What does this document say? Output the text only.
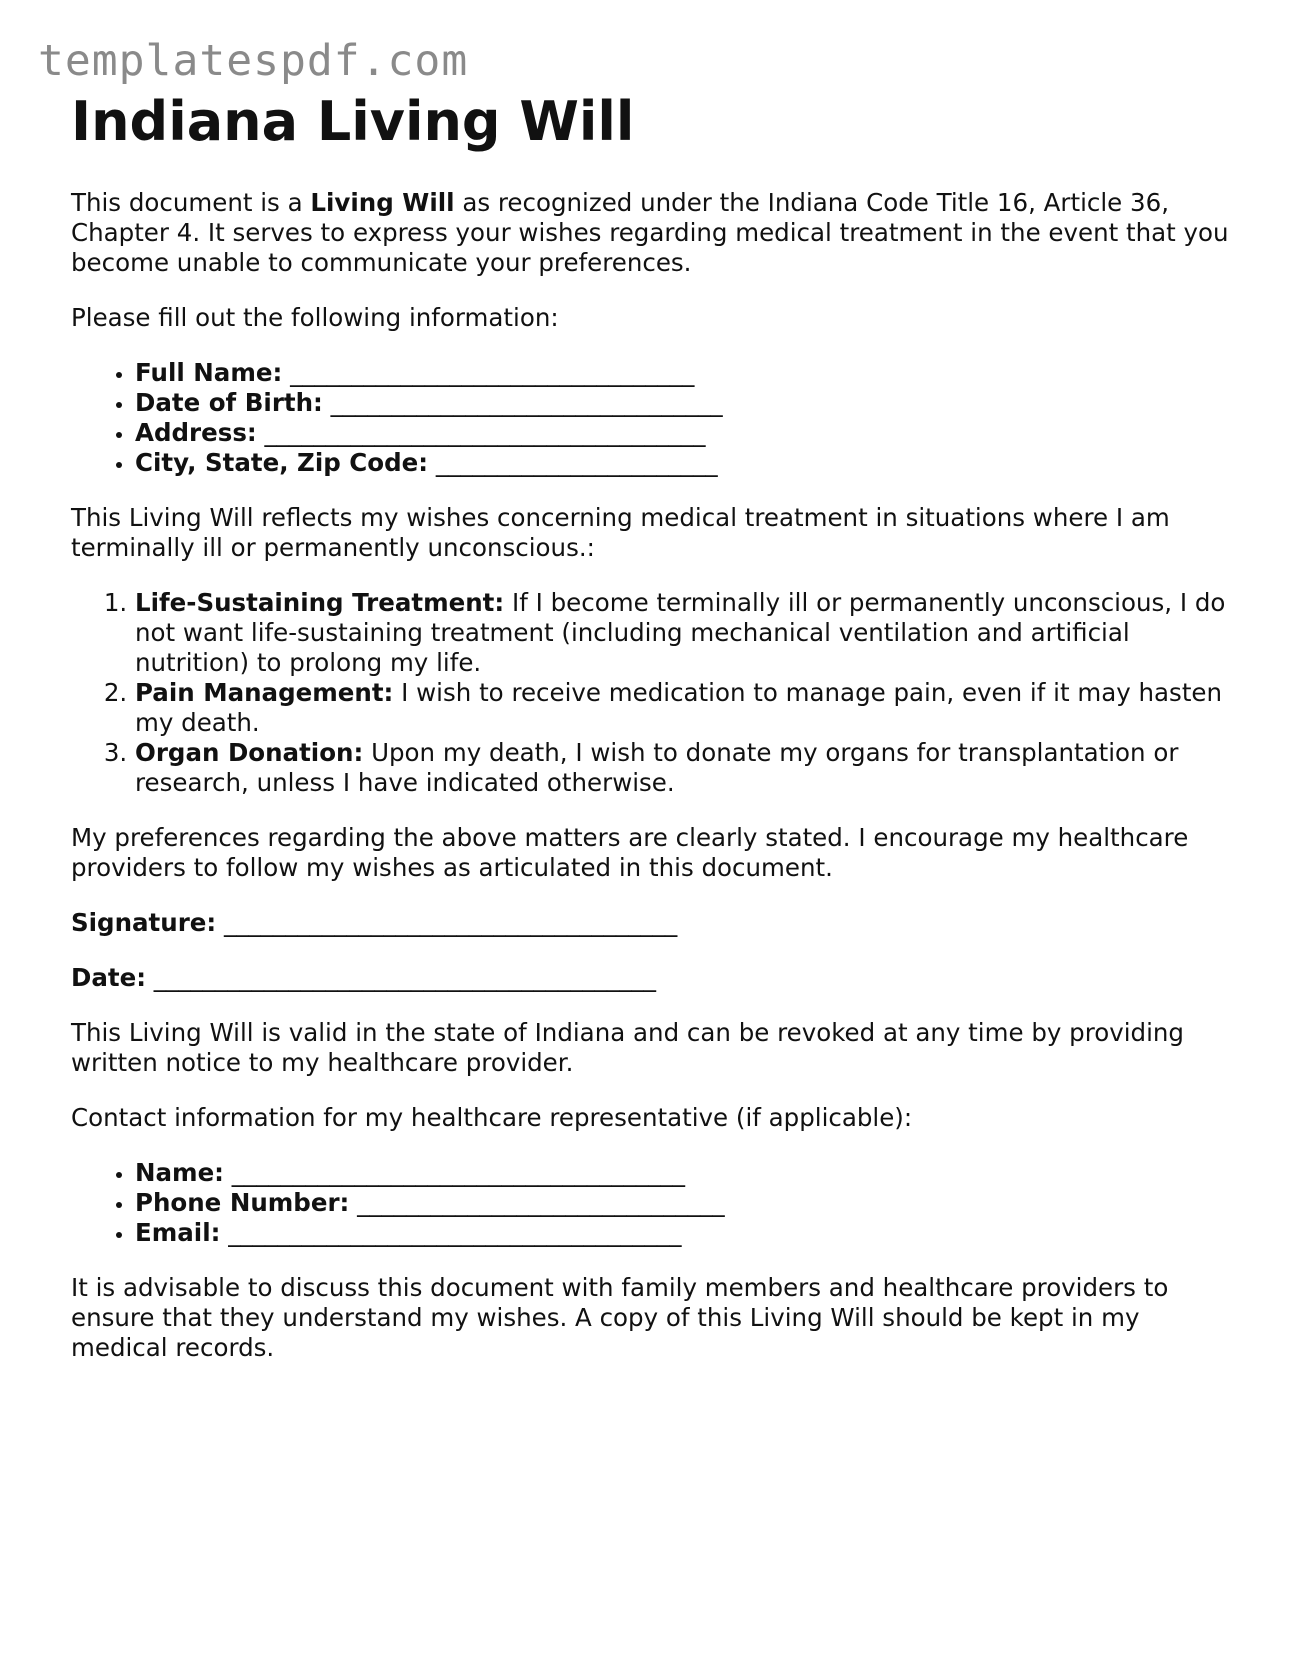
templatespdf.com
Indiana Living Will

This document is a Living Will as recognized under the Indiana Code Title 16, Article 36, Chapter 4. It serves to express your wishes regarding medical treatment in the event that you become unable to communicate your preferences.

Please fill out the following information:

• Full Name: _________________________________
• Date of Birth: ________________________________
• Address: ____________________________________
• City, State, Zip Code: _______________________

This Living Will reflects my wishes concerning medical treatment in situations where I am terminally ill or permanently unconscious.:

1. Life-Sustaining Treatment: If I become terminally ill or permanently unconscious, I do not want life-sustaining treatment (including mechanical ventilation and artificial nutrition) to prolong my life.
2. Pain Management: I wish to receive medication to manage pain, even if it may hasten my death.
3. Organ Donation: Upon my death, I wish to donate my organs for transplantation or research, unless I have indicated otherwise.

My preferences regarding the above matters are clearly stated. I encourage my healthcare providers to follow my wishes as articulated in this document.

Signature: _____________________________________

Date: _________________________________________

This Living Will is valid in the state of Indiana and can be revoked at any time by providing written notice to my healthcare provider.

Contact information for my healthcare representative (if applicable):

• Name: _____________________________________
• Phone Number: ______________________________
• Email: _____________________________________

It is advisable to discuss this document with family members and healthcare providers to ensure that they understand my wishes. A copy of this Living Will should be kept in my medical records.
